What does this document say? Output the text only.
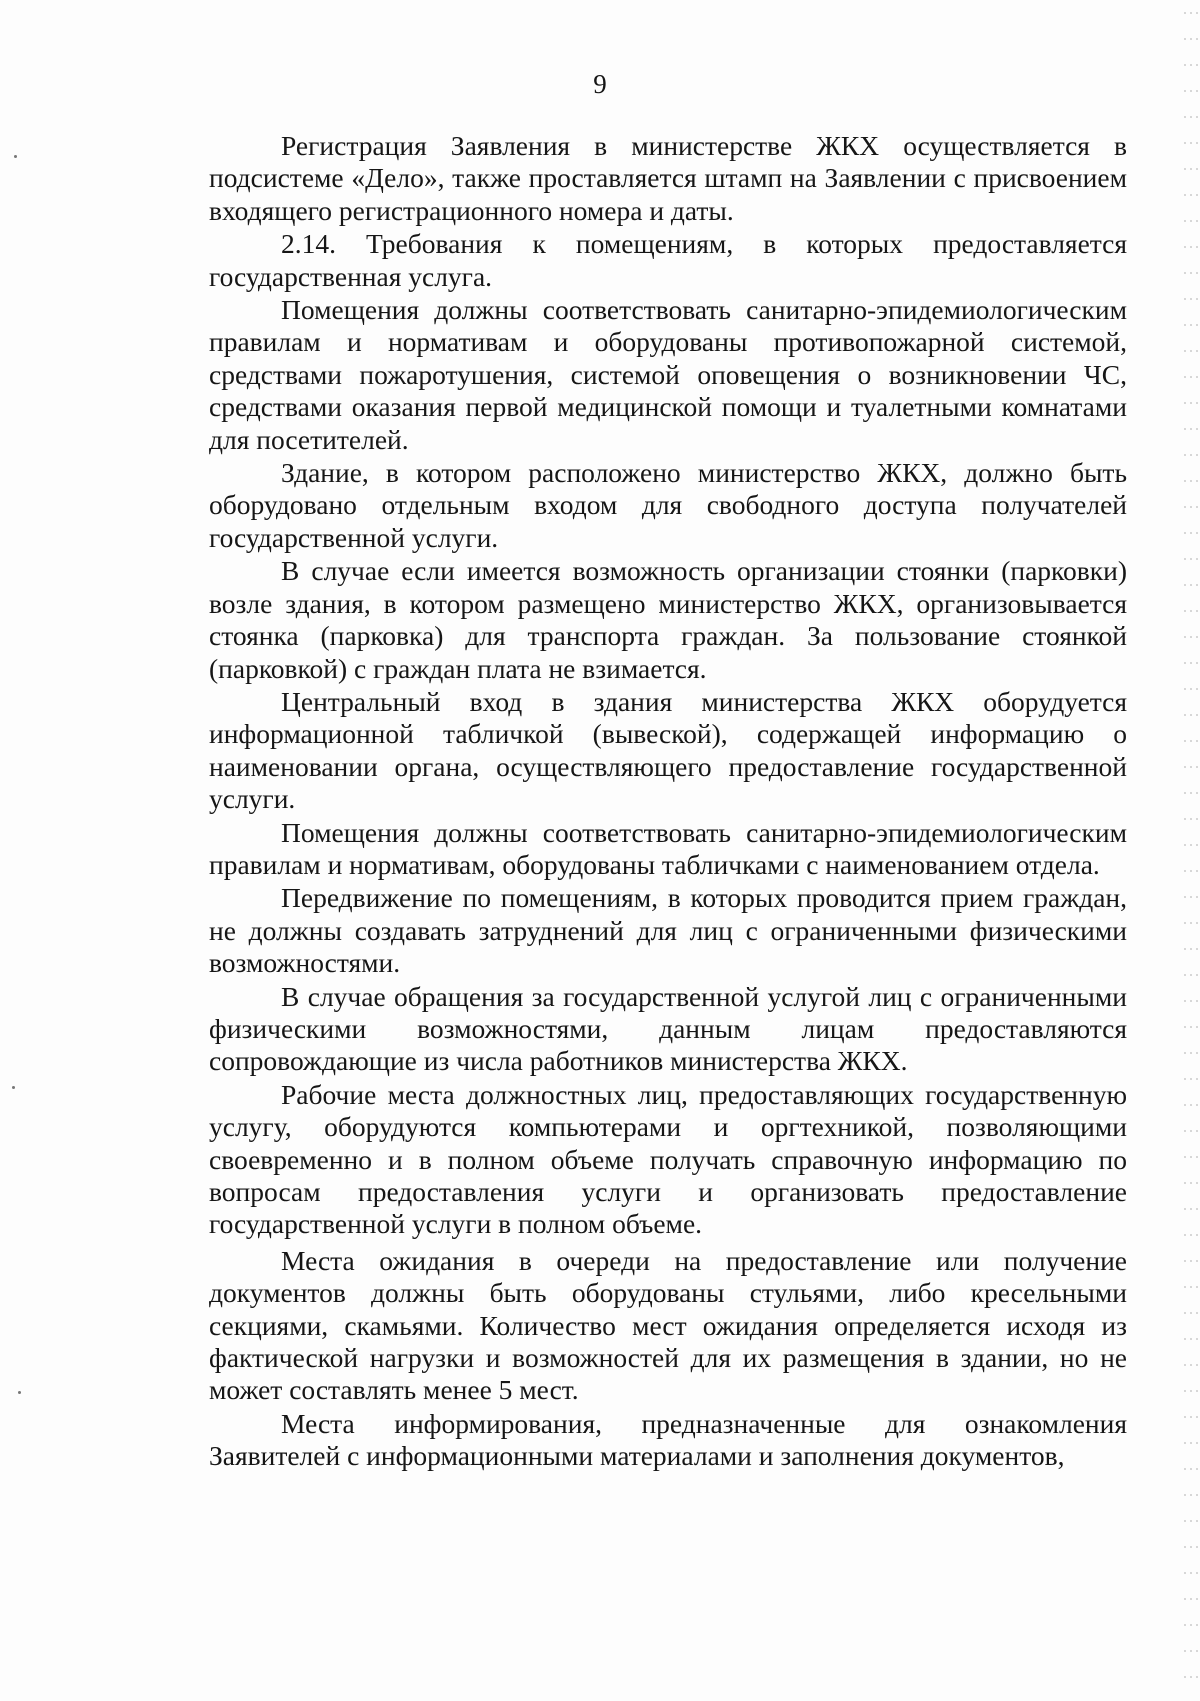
9

Регистрация Заявления в министерстве ЖКХ осуществляется в подсистеме «Дело», также проставляется штамп на Заявлении с присвоением входящего регистрационного номера и даты.

2.14. Требования к помещениям, в которых предоставляется государственная услуга.

Помещения должны соответствовать санитарно-эпидемиологическим правилам и нормативам и оборудованы противопожарной системой, средствами пожаротушения, системой оповещения о возникновении ЧС, средствами оказания первой медицинской помощи и туалетными комнатами для посетителей.

Здание, в котором расположено министерство ЖКХ, должно быть оборудовано отдельным входом для свободного доступа получателей государственной услуги.

В случае если имеется возможность организации стоянки (парковки) возле здания, в котором размещено министерство ЖКХ, организовывается стоянка (парковка) для транспорта граждан. За пользование стоянкой (парковкой) с граждан плата не взимается.

Центральный вход в здания министерства ЖКХ оборудуется информационной табличкой (вывеской), содержащей информацию о наименовании органа, осуществляющего предоставление государственной услуги.

Помещения должны соответствовать санитарно-эпидемиологическим правилам и нормативам, оборудованы табличками с наименованием отдела.

Передвижение по помещениям, в которых проводится прием граждан, не должны создавать затруднений для лиц с ограниченными физическими возможностями.

В случае обращения за государственной услугой лиц с ограниченными физическими возможностями, данным лицам предоставляются сопровождающие из числа работников министерства ЖКХ.

Рабочие места должностных лиц, предоставляющих государственную услугу, оборудуются компьютерами и оргтехникой, позволяющими своевременно и в полном объеме получать справочную информацию по вопросам предоставления услуги и организовать предоставление государственной услуги в полном объеме.

Места ожидания в очереди на предоставление или получение документов должны быть оборудованы стульями, либо кресельными секциями, скамьями. Количество мест ожидания определяется исходя из фактической нагрузки и возможностей для их размещения в здании, но не может составлять менее 5 мест.

Места информирования, предназначенные для ознакомления Заявителей с информационными материалами и заполнения документов,
